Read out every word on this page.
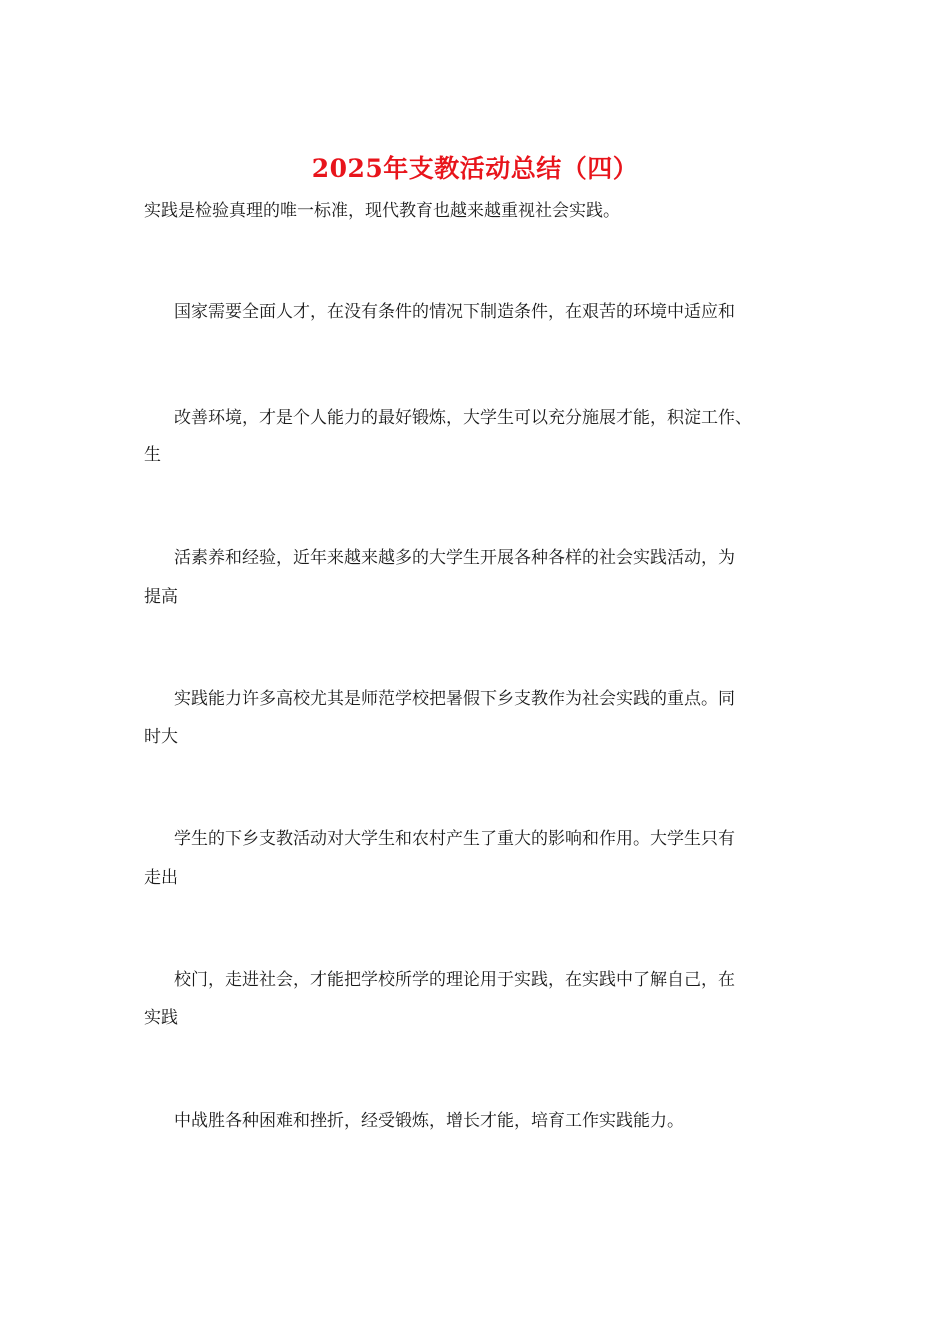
2025年支教活动总结（四）
实践是检验真理的唯一标准，现代教育也越来越重视社会实践。
国家需要全面人才，在没有条件的情况下制造条件，在艰苦的环境中适应和
改善环境，才是个人能力的最好锻炼，大学生可以充分施展才能，积淀工作、
生
活素养和经验，近年来越来越多的大学生开展各种各样的社会实践活动，为
提高
实践能力许多高校尤其是师范学校把暑假下乡支教作为社会实践的重点。同
时大
学生的下乡支教活动对大学生和农村产生了重大的影响和作用。大学生只有
走出
校门，走进社会，才能把学校所学的理论用于实践，在实践中了解自己，在
实践
中战胜各种困难和挫折，经受锻炼，增长才能，培育工作实践能力。
